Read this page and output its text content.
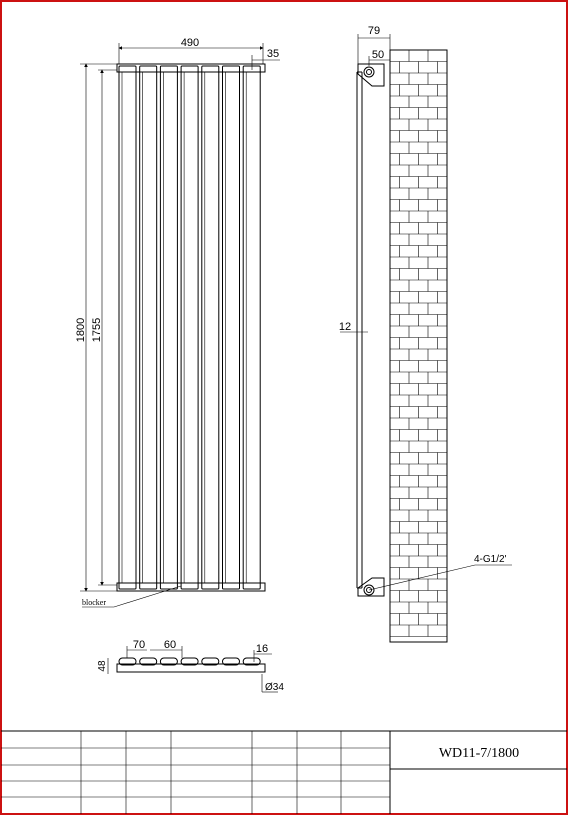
490
35
1800 1755
blocker
79
50
12
4-G1/2'
70 60	16
48
Ø34
WD11-7/1800
